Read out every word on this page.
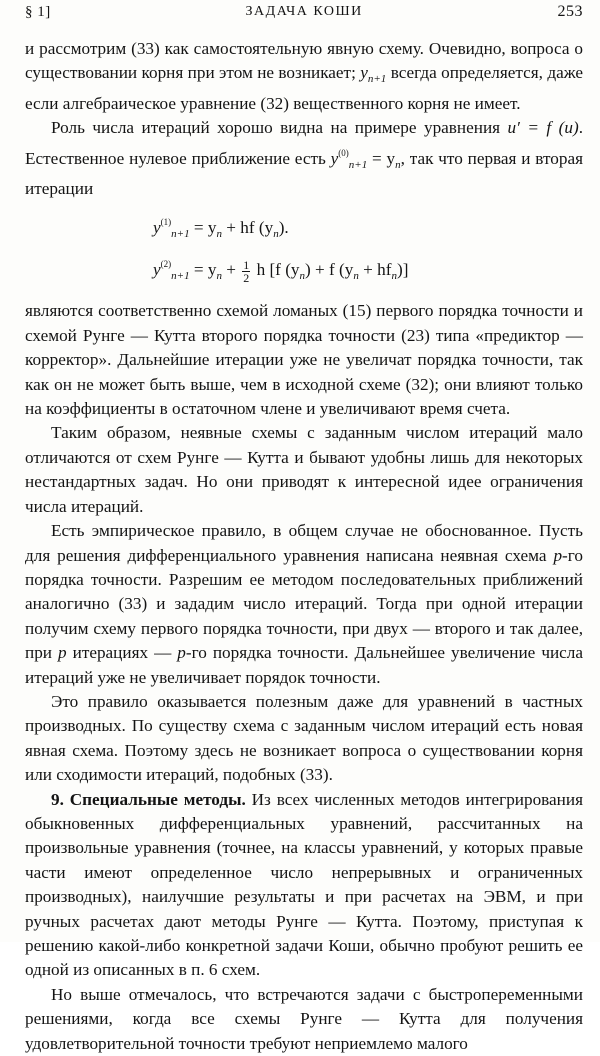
§ 1]	ЗАДАЧА КОШИ	253

и рассмотрим (33) как самостоятельную явную схему. Очевидно, вопроса о существовании корня при этом не возникает; $y_{n+1}$ всегда определяется, даже если алгебраическое уравнение (32) вещественного корня не имеет.

Роль числа итераций хорошо видна на примере уравнения u′ = f (u). Естественное нулевое приближение есть $y^{(0)}_{n+1} = y_n$, так что первая и вторая итерации

$y^{(1)}_{n+1} = y_n$ + hf $(y_n)$.
$y^{(2)}_{n+1} = y_n + \frac{1}{2}$ h [f $(y_n) + f$ $(y_n + hf_n)$]

являются соответственно схемой ломаных (15) первого порядка точности и схемой Рунге — Кутта второго порядка точности (23) типа «предиктор — корректор». Дальнейшие итерации уже не увеличат порядка точности, так как он не может быть выше, чем в исходной схеме (32); они влияют только на коэффициенты в остаточном члене и увеличивают время счета.

Таким образом, неявные схемы с заданным числом итераций мало отличаются от схем Рунге — Кутта и бывают удобны лишь для некоторых нестандартных задач. Но они приводят к интересной идее ограничения числа итераций.

Есть эмпирическое правило, в общем случае не обоснованное. Пусть для решения дифференциального уравнения написана неявная схема p-го порядка точности. Разрешим ее методом последовательных приближений аналогично (33) и зададим число итераций. Тогда при одной итерации получим схему первого порядка точности, при двух — второго и так далее, при p итерациях — p-го порядка точности. Дальнейшее увеличение числа итераций уже не увеличивает порядок точности.

Это правило оказывается полезным даже для уравнений в частных производных. По существу схема с заданным числом итераций есть новая явная схема. Поэтому здесь не возникает вопроса о существовании корня или сходимости итераций, подобных (33).

9. Специальные методы. Из всех численных методов интегрирования обыкновенных дифференциальных уравнений, рассчитанных на произвольные уравнения (точнее, на классы уравнений, у которых правые части имеют определенное число непрерывных и ограниченных производных), наилучшие результаты и при расчетах на ЭВМ, и при ручных расчетах дают методы Рунге — Кутта. Поэтому, приступая к решению какой-либо конкретной задачи Коши, обычно пробуют решить ее одной из описанных в п. 6 схем.

Но выше отмечалось, что встречаются задачи с быстропеременными решениями, когда все схемы Рунге — Кутта для получения удовлетворительной точности требуют неприемлемо малого
